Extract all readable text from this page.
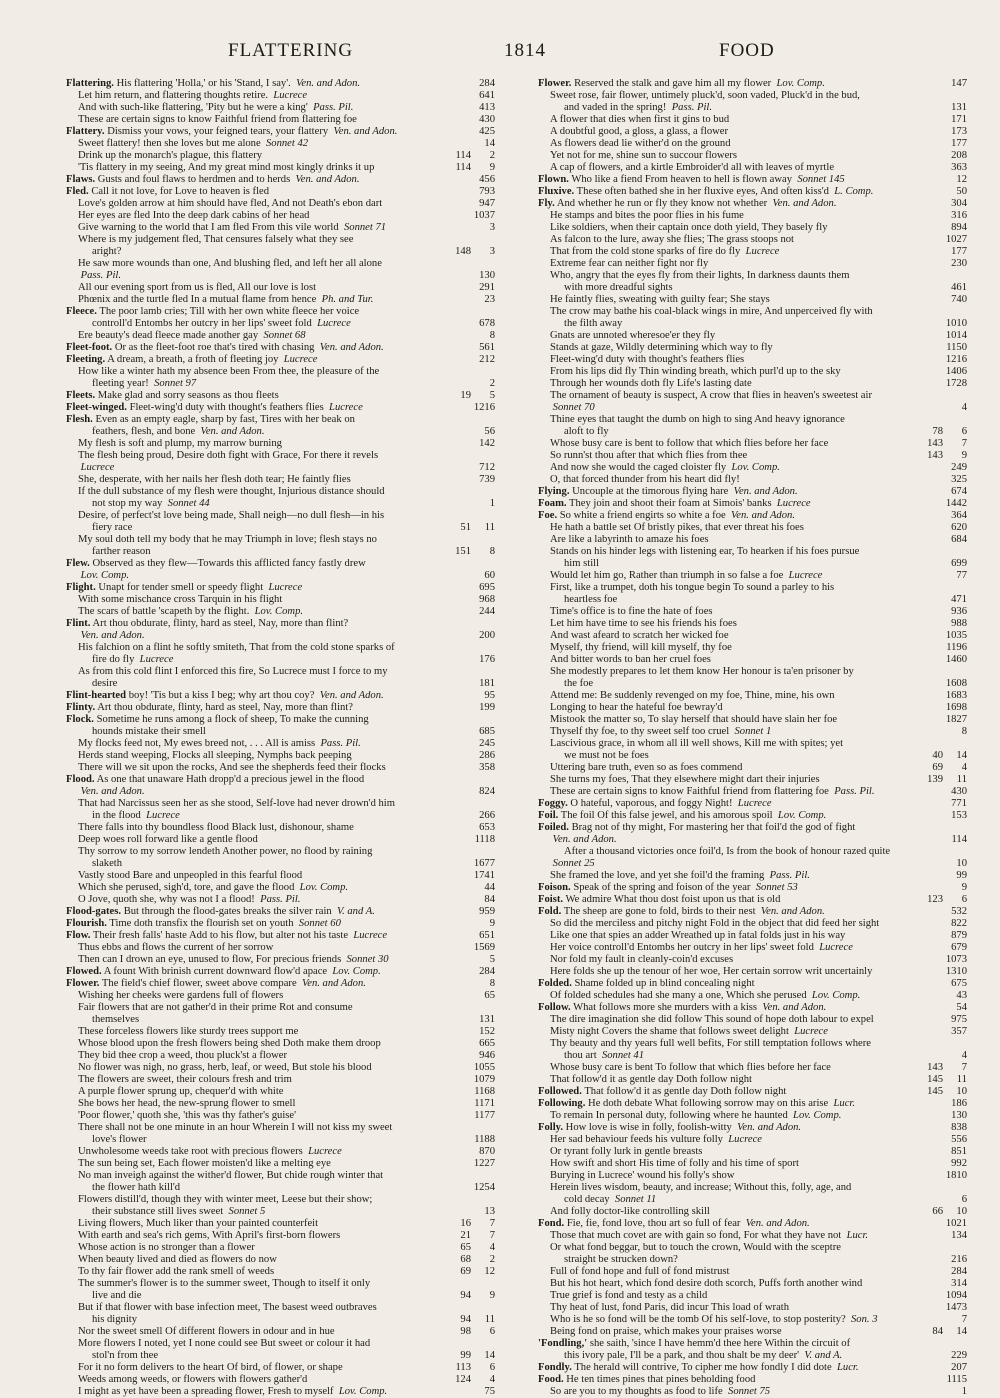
FLATTERING	1814	FOOD
Flattering. His flattering 'Holla,' or his 'Stand, I say'. Ven. and Adon.	284
Let him return, and flattering thoughts retire. Lucrece	641
And with such-like flattering, 'Pity but he were a king' Pass. Pil.	413
These are certain signs to know Faithful friend from flattering foe	430
Flattery. Dismiss your vows, your feigned tears, your flattery Ven. and Adon.	425
Sweet flattery! then she loves but me alone Sonnet 42	14
Drink up the monarch's plague, this flattery	114	2
'Tis flattery in my seeing, And my great mind most kingly drinks it up	114	9
Flaws. Gusts and foul flaws to herdmen and to herds Ven. and Adon.	456
Fled. Call it not love, for Love to heaven is fled	793
Love's golden arrow at him should have fled, And not Death's ebon dart	947
Her eyes are fled Into the deep dark cabins of her head	1037
Give warning to the world that I am fled From this vile world Sonnet 71	3
Where is my judgement fled, That censures falsely what they see
aright?	148	3
He saw more wounds than one, And blushing fled, and left her all alone
Pass. Pil.	130
All our evening sport from us is fled, All our love is lost	291
Phœnix and the turtle fled In a mutual flame from hence Ph. and Tur.	23
Fleece. The poor lamb cries; Till with her own white fleece her voice
controll'd Entombs her outcry in her lips' sweet fold Lucrece	678
Ere beauty's dead fleece made another gay Sonnet 68	8
Fleet-foot. Or as the fleet-foot roe that's tired with chasing Ven. and Adon.	561
Fleeting. A dream, a breath, a froth of fleeting joy Lucrece	212
How like a winter hath my absence been From thee, the pleasure of the
fleeting year! Sonnet 97	2
Fleets. Make glad and sorry seasons as thou fleets	19	5
Fleet-winged. Fleet-wing'd duty with thought's feathers flies Lucrece	1216
Flesh. Even as an empty eagle, sharp by fast, Tires with her beak on
feathers, flesh, and bone Ven. and Adon.	56
My flesh is soft and plump, my marrow burning	142
The flesh being proud, Desire doth fight with Grace, For there it revels
Lucrece	712
She, desperate, with her nails her flesh doth tear; He faintly flies	739
If the dull substance of my flesh were thought, Injurious distance should
not stop my way Sonnet 44	1
Desire, of perfect'st love being made, Shall neigh—no dull flesh—in his
fiery race	51	11
My soul doth tell my body that he may Triumph in love; flesh stays no
farther reason	151	8
Flew. Observed as they flew—Towards this afflicted fancy fastly drew
Lov. Comp.	60
Flight. Unapt for tender smell or speedy flight Lucrece	695
With some mischance cross Tarquin in his flight	968
The scars of battle 'scapeth by the flight. Lov. Comp.	244
Flint. Art thou obdurate, flinty, hard as steel, Nay, more than flint?
Ven. and Adon.	200
His falchion on a flint he softly smiteth, That from the cold stone sparks of
fire do fly Lucrece	176
As from this cold flint I enforced this fire, So Lucrece must I force to my
desire	181
Flint-hearted boy! 'Tis but a kiss I beg; why art thou coy? Ven. and Adon.	95
Flinty. Art thou obdurate, flinty, hard as steel, Nay, more than flint?	199
Flock. Sometime he runs among a flock of sheep, To make the cunning
hounds mistake their smell	685
My flocks feed not, My ewes breed not, . . . All is amiss Pass. Pil.	245
Herds stand weeping, Flocks all sleeping, Nymphs back peeping	286
There will we sit upon the rocks, And see the shepherds feed their flocks	358
Flood. As one that unaware Hath dropp'd a precious jewel in the flood
Ven. and Adon.	824
That had Narcissus seen her as she stood, Self-love had never drown'd him
in the flood Lucrece	266
There falls into thy boundless flood Black lust, dishonour, shame	653
Deep woes roll forward like a gentle flood	1118
Thy sorrow to my sorrow lendeth Another power, no flood by raining
slaketh	1677
Vastly stood Bare and unpeopled in this fearful flood	1741
Which she perused, sigh'd, tore, and gave the flood Lov. Comp.	44
O Jove, quoth she, why was not I a flood! Pass. Pil.	84
Flood-gates. But through the flood-gates breaks the silver rain V. and A.	959
Flourish. Time doth transfix the flourish set on youth Sonnet 60	9
Flow. Their fresh falls' haste Add to his flow, but alter not his taste Lucrece	651
Thus ebbs and flows the current of her sorrow	1569
Then can I drown an eye, unused to flow, For precious friends Sonnet 30	5
Flowed. A fount With brinish current downward flow'd apace Lov. Comp.	284
Flower. The field's chief flower, sweet above compare Ven. and Adon.	8
Wishing her cheeks were gardens full of flowers	65
Fair flowers that are not gather'd in their prime Rot and consume
themselves	131
These forceless flowers like sturdy trees support me	152
Whose blood upon the fresh flowers being shed Doth make them droop	665
They bid thee crop a weed, thou pluck'st a flower	946
No flower was nigh, no grass, herb, leaf, or weed, But stole his blood	1055
The flowers are sweet, their colours fresh and trim	1079
A purple flower sprung up, chequer'd with white	1168
She bows her head, the new-sprung flower to smell	1171
'Poor flower,' quoth she, 'this was thy father's guise'	1177
There shall not be one minute in an hour Wherein I will not kiss my sweet
love's flower	1188
Unwholesome weeds take root with precious flowers Lucrece	870
The sun being set, Each flower moisten'd like a melting eye	1227
No man inveigh against the wither'd flower, But chide rough winter that
the flower hath kill'd	1254
Flowers distill'd, though they with winter meet, Leese but their show;
their substance still lives sweet Sonnet 5	13
Living flowers, Much liker than your painted counterfeit	16	7
With earth and sea's rich gems, With April's first-born flowers	21	7
Whose action is no stronger than a flower	65	4
When beauty lived and died as flowers do now	68	2
To thy fair flower add the rank smell of weeds	69	12
The summer's flower is to the summer sweet, Though to itself it only
live and die	94	9
But if that flower with base infection meet, The basest weed outbraves
his dignity	94	11
Nor the sweet smell Of different flowers in odour and in hue	98	6
More flowers I noted, yet I none could see But sweet or colour it had
stol'n from thee	99	14
For it no form delivers to the heart Of bird, of flower, or shape	113	6
Weeds among weeds, or flowers with flowers gather'd	124	4
I might as yet have been a spreading flower, Fresh to myself Lov. Comp.	75
Flower. Reserved the stalk and gave him all my flower Lov. Comp.	147
Sweet rose, fair flower, untimely pluck'd, soon vaded, Pluck'd in the bud,
and vaded in the spring! Pass. Pil.	131
A flower that dies when first it gins to bud	171
A doubtful good, a gloss, a glass, a flower	173
As flowers dead lie wither'd on the ground	177
Yet not for me, shine sun to succour flowers	208
A cap of flowers, and a kirtle Embroider'd all with leaves of myrtle	363
Flown. Who like a fiend From heaven to hell is flown away Sonnet 145	12
Fluxive. These often bathed she in her fluxive eyes, And often kiss'd L. Comp.	50
Fly. And whether he run or fly they know not whether Ven. and Adon.	304
He stamps and bites the poor flies in his fume	316
Like soldiers, when their captain once doth yield, They basely fly	894
As falcon to the lure, away she flies; The grass stoops not	1027
That from the cold stone sparks of fire do fly Lucrece	177
Extreme fear can neither fight nor fly	230
Who, angry that the eyes fly from their lights, In darkness daunts them
with more dreadful sights	461
He faintly flies, sweating with guilty fear; She stays	740
The crow may bathe his coal-black wings in mire, And unperceived fly with
the filth away	1010
Gnats are unnoted wheresoe'er they fly	1014
Stands at gaze, Wildly determining which way to fly	1150
Fleet-wing'd duty with thought's feathers flies	1216
From his lips did fly Thin winding breath, which purl'd up to the sky	1406
Through her wounds doth fly Life's lasting date	1728
The ornament of beauty is suspect, A crow that flies in heaven's sweetest air
Sonnet 70	4
Thine eyes that taught the dumb on high to sing And heavy ignorance
aloft to fly	78	6
Whose busy care is bent to follow that which flies before her face	143	7
So runn'st thou after that which flies from thee	143	9
And now she would the caged cloister fly Lov. Comp.	249
O, that forced thunder from his heart did fly!	325
Flying. Uncouple at the timorous flying hare Ven. and Adon.	674
Foam. They join and shoot their foam at Simois' banks Lucrece	1442
Foe. So white a friend engirts so white a foe Ven. and Adon.	364
He hath a battle set Of bristly pikes, that ever threat his foes	620
Are like a labyrinth to amaze his foes	684
Stands on his hinder legs with listening ear, To hearken if his foes pursue
him still	699
Would let him go, Rather than triumph in so false a foe Lucrece	77
First, like a trumpet, doth his tongue begin To sound a parley to his
heartless foe	471
Time's office is to fine the hate of foes	936
Let him have time to see his friends his foes	988
And wast afeard to scratch her wicked foe	1035
Myself, thy friend, will kill myself, thy foe	1196
And bitter words to ban her cruel foes	1460
She modestly prepares to let them know Her honour is ta'en prisoner by
the foe	1608
Attend me: Be suddenly revenged on my foe, Thine, mine, his own	1683
Longing to hear the hateful foe bewray'd	1698
Mistook the matter so, To slay herself that should have slain her foe	1827
Thyself thy foe, to thy sweet self too cruel Sonnet 1	8
Lascivious grace, in whom all ill well shows, Kill me with spites; yet
we must not be foes	40	14
Uttering bare truth, even so as foes commend	69	4
She turns my foes, That they elsewhere might dart their injuries	139	11
These are certain signs to know Faithful friend from flattering foe Pass. Pil.	430
Foggy. O hateful, vaporous, and foggy Night! Lucrece	771
Foil. The foil Of this false jewel, and his amorous spoil Lov. Comp.	153
Foiled. Brag not of thy might, For mastering her that foil'd the god of fight
Ven. and Adon.	114
After a thousand victories once foil'd, Is from the book of honour razed quite
Sonnet 25	10
She framed the love, and yet she foil'd the framing Pass. Pil.	99
Foison. Speak of the spring and foison of the year Sonnet 53	9
Foist. We admire What thou dost foist upon us that is old	123	6
Fold. The sheep are gone to fold, birds to their nest Ven. and Adon.	532
So did the merciless and pitchy night Fold in the object that did feed her sight	822
Like one that spies an adder Wreathed up in fatal folds just in his way	879
Her voice controll'd Entombs her outcry in her lips' sweet fold Lucrece	679
Nor fold my fault in cleanly-coin'd excuses	1073
Here folds she up the tenour of her woe, Her certain sorrow writ uncertainly	1310
Folded. Shame folded up in blind concealing night	675
Of folded schedules had she many a one, Which she perused Lov. Comp.	43
Follow. What follows more she murders with a kiss Ven. and Adon.	54
The dire imagination she did follow This sound of hope doth labour to expel	975
Misty night Covers the shame that follows sweet delight Lucrece	357
Thy beauty and thy years full well befits, For still temptation follows where
thou art Sonnet 41	4
Whose busy care is bent To follow that which flies before her face	143	7
That follow'd it as gentle day Doth follow night	145	11
Followed. That follow'd it as gentle day Doth follow night	145	10
Following. He doth debate What following sorrow may on this arise Lucr.	186
To remain In personal duty, following where he haunted Lov. Comp.	130
Folly. How love is wise in folly, foolish-witty Ven. and Adon.	838
Her sad behaviour feeds his vulture folly Lucrece	556
Or tyrant folly lurk in gentle breasts	851
How swift and short His time of folly and his time of sport	992
Burying in Lucrece' wound his folly's show	1810
Herein lives wisdom, beauty, and increase; Without this, folly, age, and
cold decay Sonnet 11	6
And folly doctor-like controlling skill	66	10
Fond. Fie, fie, fond love, thou art so full of fear Ven. and Adon.	1021
Those that much covet are with gain so fond, For what they have not Lucr.	134
Or what fond beggar, but to touch the crown, Would with the sceptre
straight be strucken down?	216
Full of fond hope and full of fond mistrust	284
But his hot heart, which fond desire doth scorch, Puffs forth another wind	314
True grief is fond and testy as a child	1094
Thy heat of lust, fond Paris, did incur This load of wrath	1473
Who is he so fond will be the tomb Of his self-love, to stop posterity? Son. 3	7
Being fond on praise, which makes your praises worse	84	14
'Fondling,' she saith, 'since I have hemm'd thee here Within the circuit of
this ivory pale, I'll be a park, and thou shalt be my deer' V. and A.	229
Fondly. The herald will contrive, To cipher me how fondly I did dote Lucr.	207
Food. He ten times pines that pines beholding food	1115
So are you to my thoughts as food to life Sonnet 75	1
